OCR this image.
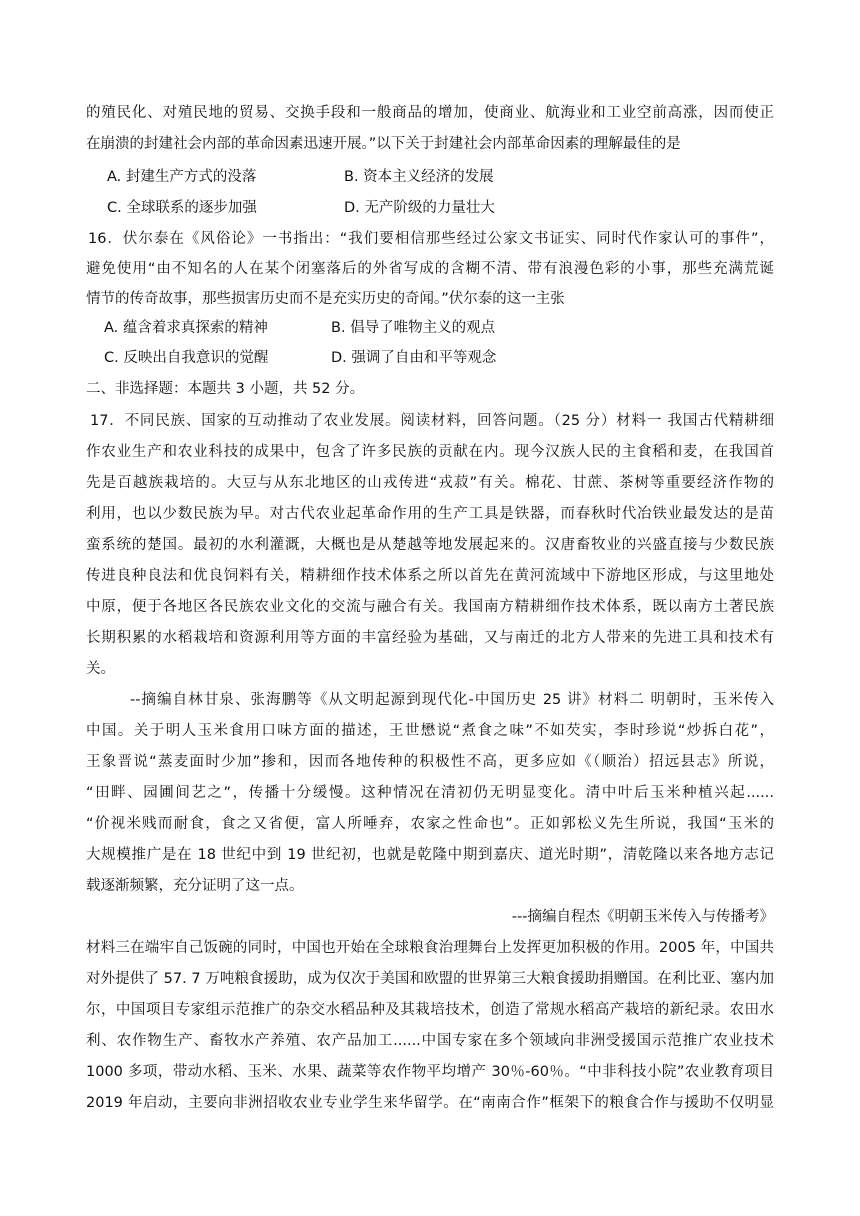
的殖民化、对殖民地的贸易、交换手段和一般商品的增加，使商业、航海业和工业空前高涨，因而使正
在崩溃的封建社会内部的革命因素迅速开展。”以下关于封建社会内部革命因素的理解最佳的是
A. 封建生产方式的没落	B. 资本主义经济的发展
C. 全球联系的逐步加强	D. 无产阶级的力量壮大
16．伏尔泰在《风俗论》一书指出：“我们要相信那些经过公家文书证实、同时代作家认可的事件”，
避免使用“由不知名的人在某个闭塞落后的外省写成的含糊不清、带有浪漫色彩的小事，那些充满荒诞
情节的传奇故事，那些损害历史而不是充实历史的奇闻。”伏尔泰的这一主张
A. 蕴含着求真探索的精神	B. 倡导了唯物主义的观点
C. 反映出自我意识的觉醒	D. 强调了自由和平等观念
二、非选择题：本题共 3 小题，共 52 分。
17．不同民族、国家的互动推动了农业发展。阅读材料，回答问题。（25 分）材料一 我国古代精耕细
作农业生产和农业科技的成果中，包含了许多民族的贡献在内。现今汉族人民的主食稻和麦，在我国首
先是百越族栽培的。大豆与从东北地区的山戎传进“戎菽”有关。棉花、甘蔗、茶树等重要经济作物的
利用，也以少数民族为早。对古代农业起革命作用的生产工具是铁器，而春秋时代冶铁业最发达的是苗
蛮系统的楚国。最初的水利灌溉，大概也是从楚越等地发展起来的。汉唐畜牧业的兴盛直接与少数民族
传进良种良法和优良饲料有关，精耕细作技术体系之所以首先在黄河流域中下游地区形成，与这里地处
中原，便于各地区各民族农业文化的交流与融合有关。我国南方精耕细作技术体系，既以南方土著民族
长期积累的水稻栽培和资源利用等方面的丰富经验为基础，又与南迁的北方人带来的先进工具和技术有
关。
--摘编自林甘泉、张海鹏等《从文明起源到现代化-中国历史 25 讲》材料二 明朝时，玉米传入
中国。关于明人玉米食用口味方面的描述，王世懋说“煮食之味”不如芡实，李时珍说“炒拆白花”，
王象晋说“蒸麦面时少加”掺和，因而各地传种的积极性不高，更多应如《（顺治）招远县志》所说，
“田畔、园圃间艺之”，传播十分缓慢。这种情况在清初仍无明显变化。清中叶后玉米种植兴起......
“价视米贱而耐食，食之又省便，富人所唾弃，农家之性命也”。正如郭松义先生所说，我国“玉米的
大规模推广是在 18 世纪中到 19 世纪初，也就是乾隆中期到嘉庆、道光时期”，清乾隆以来各地方志记
载逐渐频繁，充分证明了这一点。
---摘编自程杰《明朝玉米传入与传播考》
材料三在端牢自己饭碗的同时，中国也开始在全球粮食治理舞台上发挥更加积极的作用。2005 年，中国共
对外提供了 57. 7 万吨粮食援助，成为仅次于美国和欧盟的世界第三大粮食援助捐赠国。在利比亚、塞内加
尔，中国项目专家组示范推广的杂交水稻品种及其栽培技术，创造了常规水稻高产栽培的新纪录。农田水
利、农作物生产、畜牧水产养殖、农产品加工......中国专家在多个领域向非洲受援国示范推广农业技术
1000 多项，带动水稻、玉米、水果、蔬菜等农作物平均增产 30％-60％。“中非科技小院”农业教育项目
2019 年启动，主要向非洲招收农业专业学生来华留学。在“南南合作”框架下的粮食合作与援助不仅明显
